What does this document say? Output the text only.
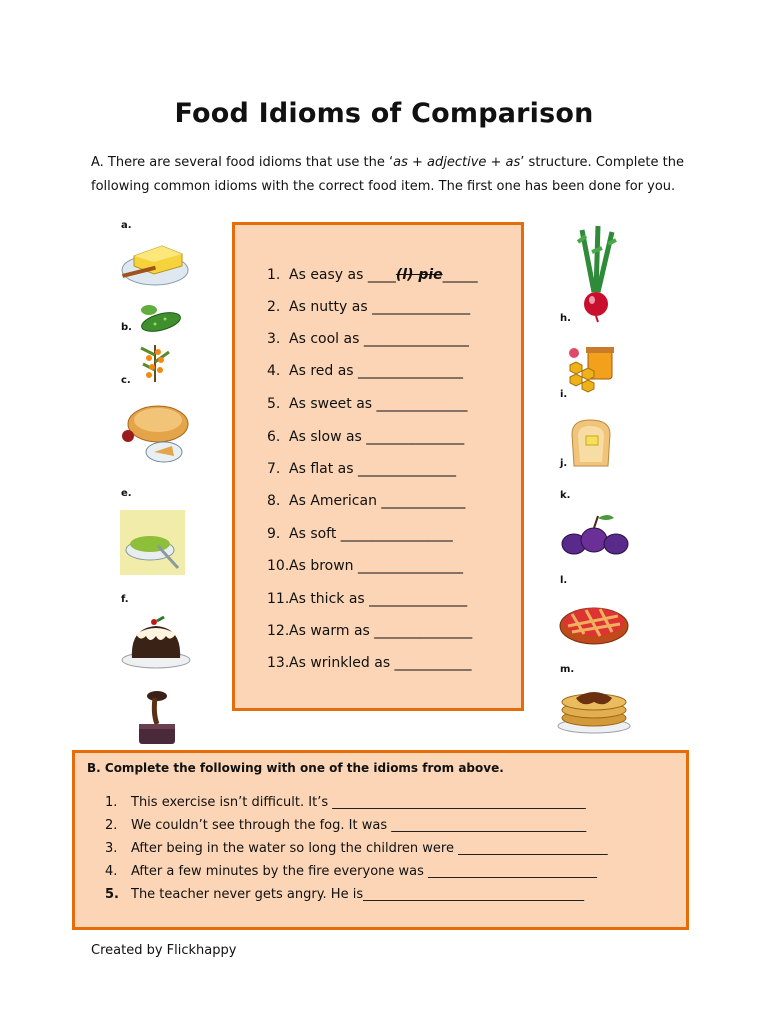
Food Idioms of Comparison
A. There are several food idioms that use the ‘as + adjective + as’ structure. Complete the
following common idioms with the correct food item. The first one has been done for you.
a.
b.
c.
e.
f.
h.
i.
j.
k.
l.
m.
1. As easy as ____(l) pie_____
2. As nutty as ______________
3. As cool as _______________
4. As red as _______________
5. As sweet as _____________
6. As slow as ______________
7. As flat as ______________
8. As American ____________
9. As soft ________________
10.As brown _______________
11.As thick as ______________
12.As warm as ______________
13.As wrinkled as ___________
B. Complete the following with one of the idioms from above.
1. This exercise isn’t difficult. It’s _______________________________________
2. We couldn’t see through the fog. It was ______________________________
3. After being in the water so long the children were _______________________
4. After a few minutes by the fire everyone was __________________________
5. The teacher never gets angry. He is__________________________________
Created by Flickhappy
